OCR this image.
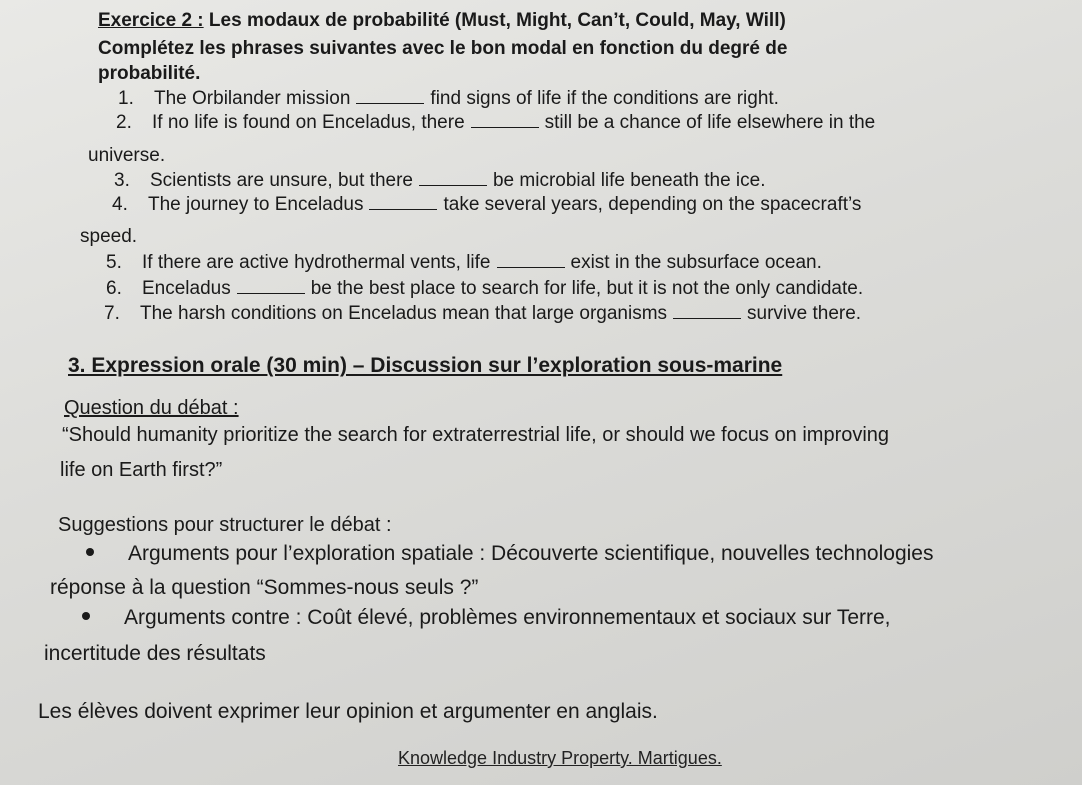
Exercice 2 : Les modaux de probabilité (Must, Might, Can’t, Could, May, Will)
Complétez les phrases suivantes avec le bon modal en fonction du degré de
probabilité.
1. The Orbilander mission	find signs of life if the conditions are right.
2. If no life is found on Enceladus, there	still be a chance of life elsewhere in the
universe.
3. Scientists are unsure, but there	be microbial life beneath the ice.
4. The journey to Enceladus	take several years, depending on the spacecraft’s
speed.
5. If there are active hydrothermal vents, life	exist in the subsurface ocean.
6. Enceladus	be the best place to search for life, but it is not the only candidate.
7. The harsh conditions on Enceladus mean that large organisms	survive there.
3. Expression orale (30 min) – Discussion sur l’exploration sous-marine
Question du débat :
“Should humanity prioritize the search for extraterrestrial life, or should we focus on improving
life on Earth first?”
Suggestions pour structurer le débat :
Arguments pour l’exploration spatiale : Découverte scientifique, nouvelles technologies
réponse à la question “Sommes-nous seuls ?”
Arguments contre : Coût élevé, problèmes environnementaux et sociaux sur Terre,
incertitude des résultats
Les élèves doivent exprimer leur opinion et argumenter en anglais.
Knowledge Industry Property. Martigues.
